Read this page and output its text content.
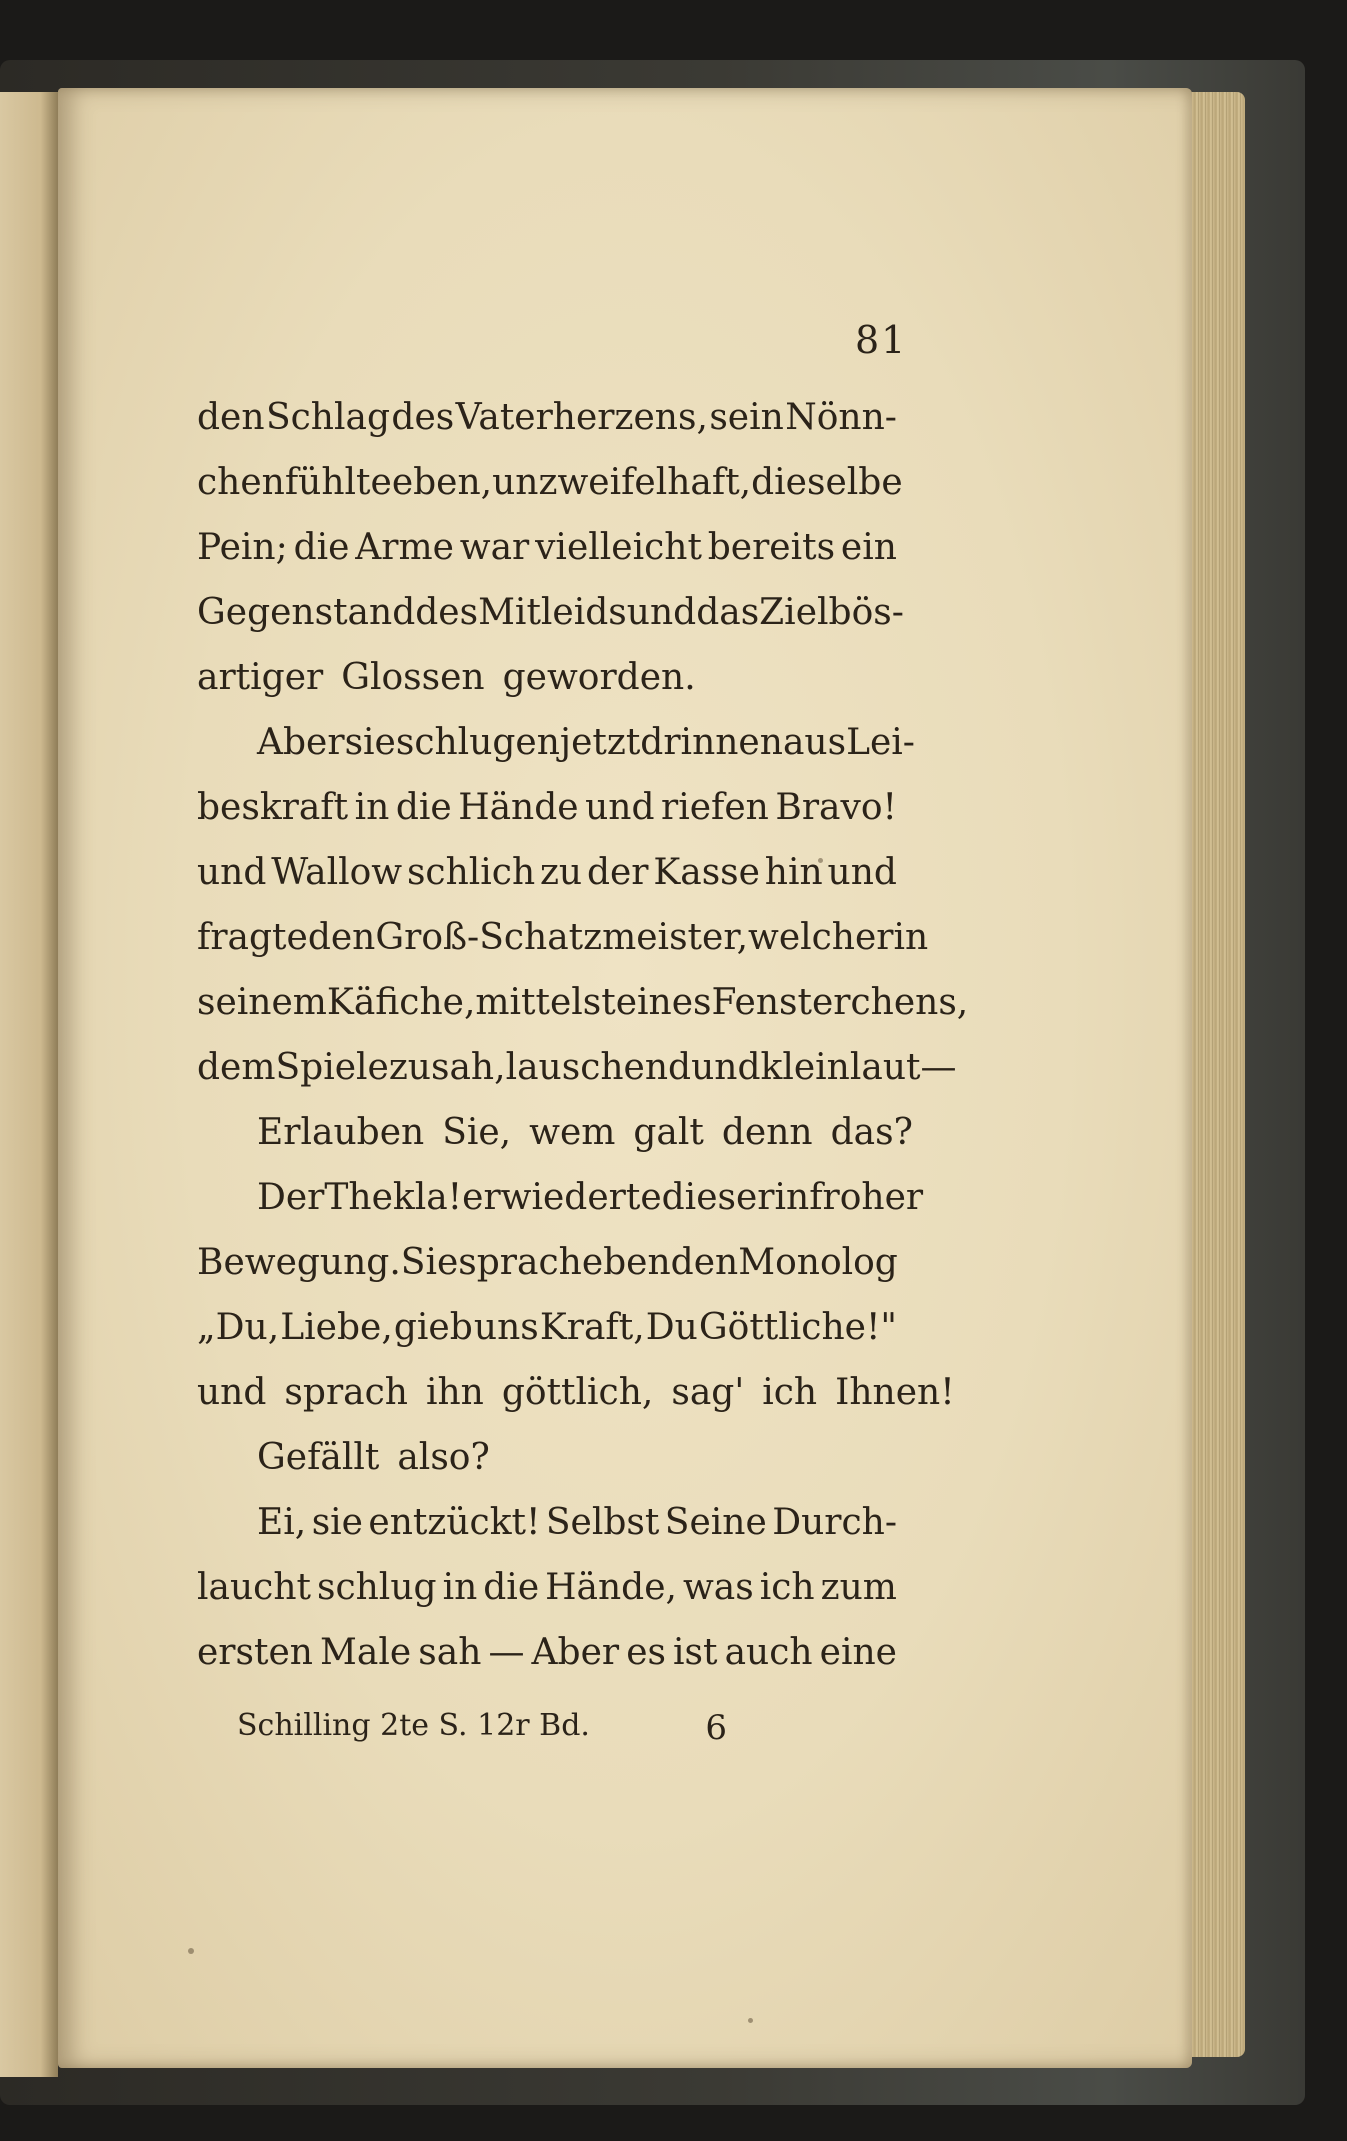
81
den Schlag des Vaterherzens, sein Nönn-
chen fühlte eben, unzweifelhaft, dieselbe
Pein; die Arme war vielleicht bereits ein
Gegenstand des Mitleids und das Ziel bös-
artiger Glossen geworden.
Aber sie schlugen jetzt drinnen aus Lei-
beskraft in die Hände und riefen Bravo!
und Wallow schlich zu der Kasse hin und
fragte den Groß-Schatzmeister, welcher in
seinem Käfiche, mittelst eines Fensterchens,
dem Spiele zusah, lauschend und kleinlaut—
Erlauben Sie, wem galt denn das?
Der Thekla! erwiederte dieser in froher
Bewegung. Sie sprach eben den Monolog
„Du, Liebe, gieb uns Kraft, Du Göttliche!"
und sprach ihn göttlich, sag' ich Ihnen!
Gefällt also?
Ei, sie entzückt! Selbst Seine Durch-
laucht schlug in die Hände, was ich zum
ersten Male sah — Aber es ist auch eine
Schilling 2te S. 12r Bd.	6
